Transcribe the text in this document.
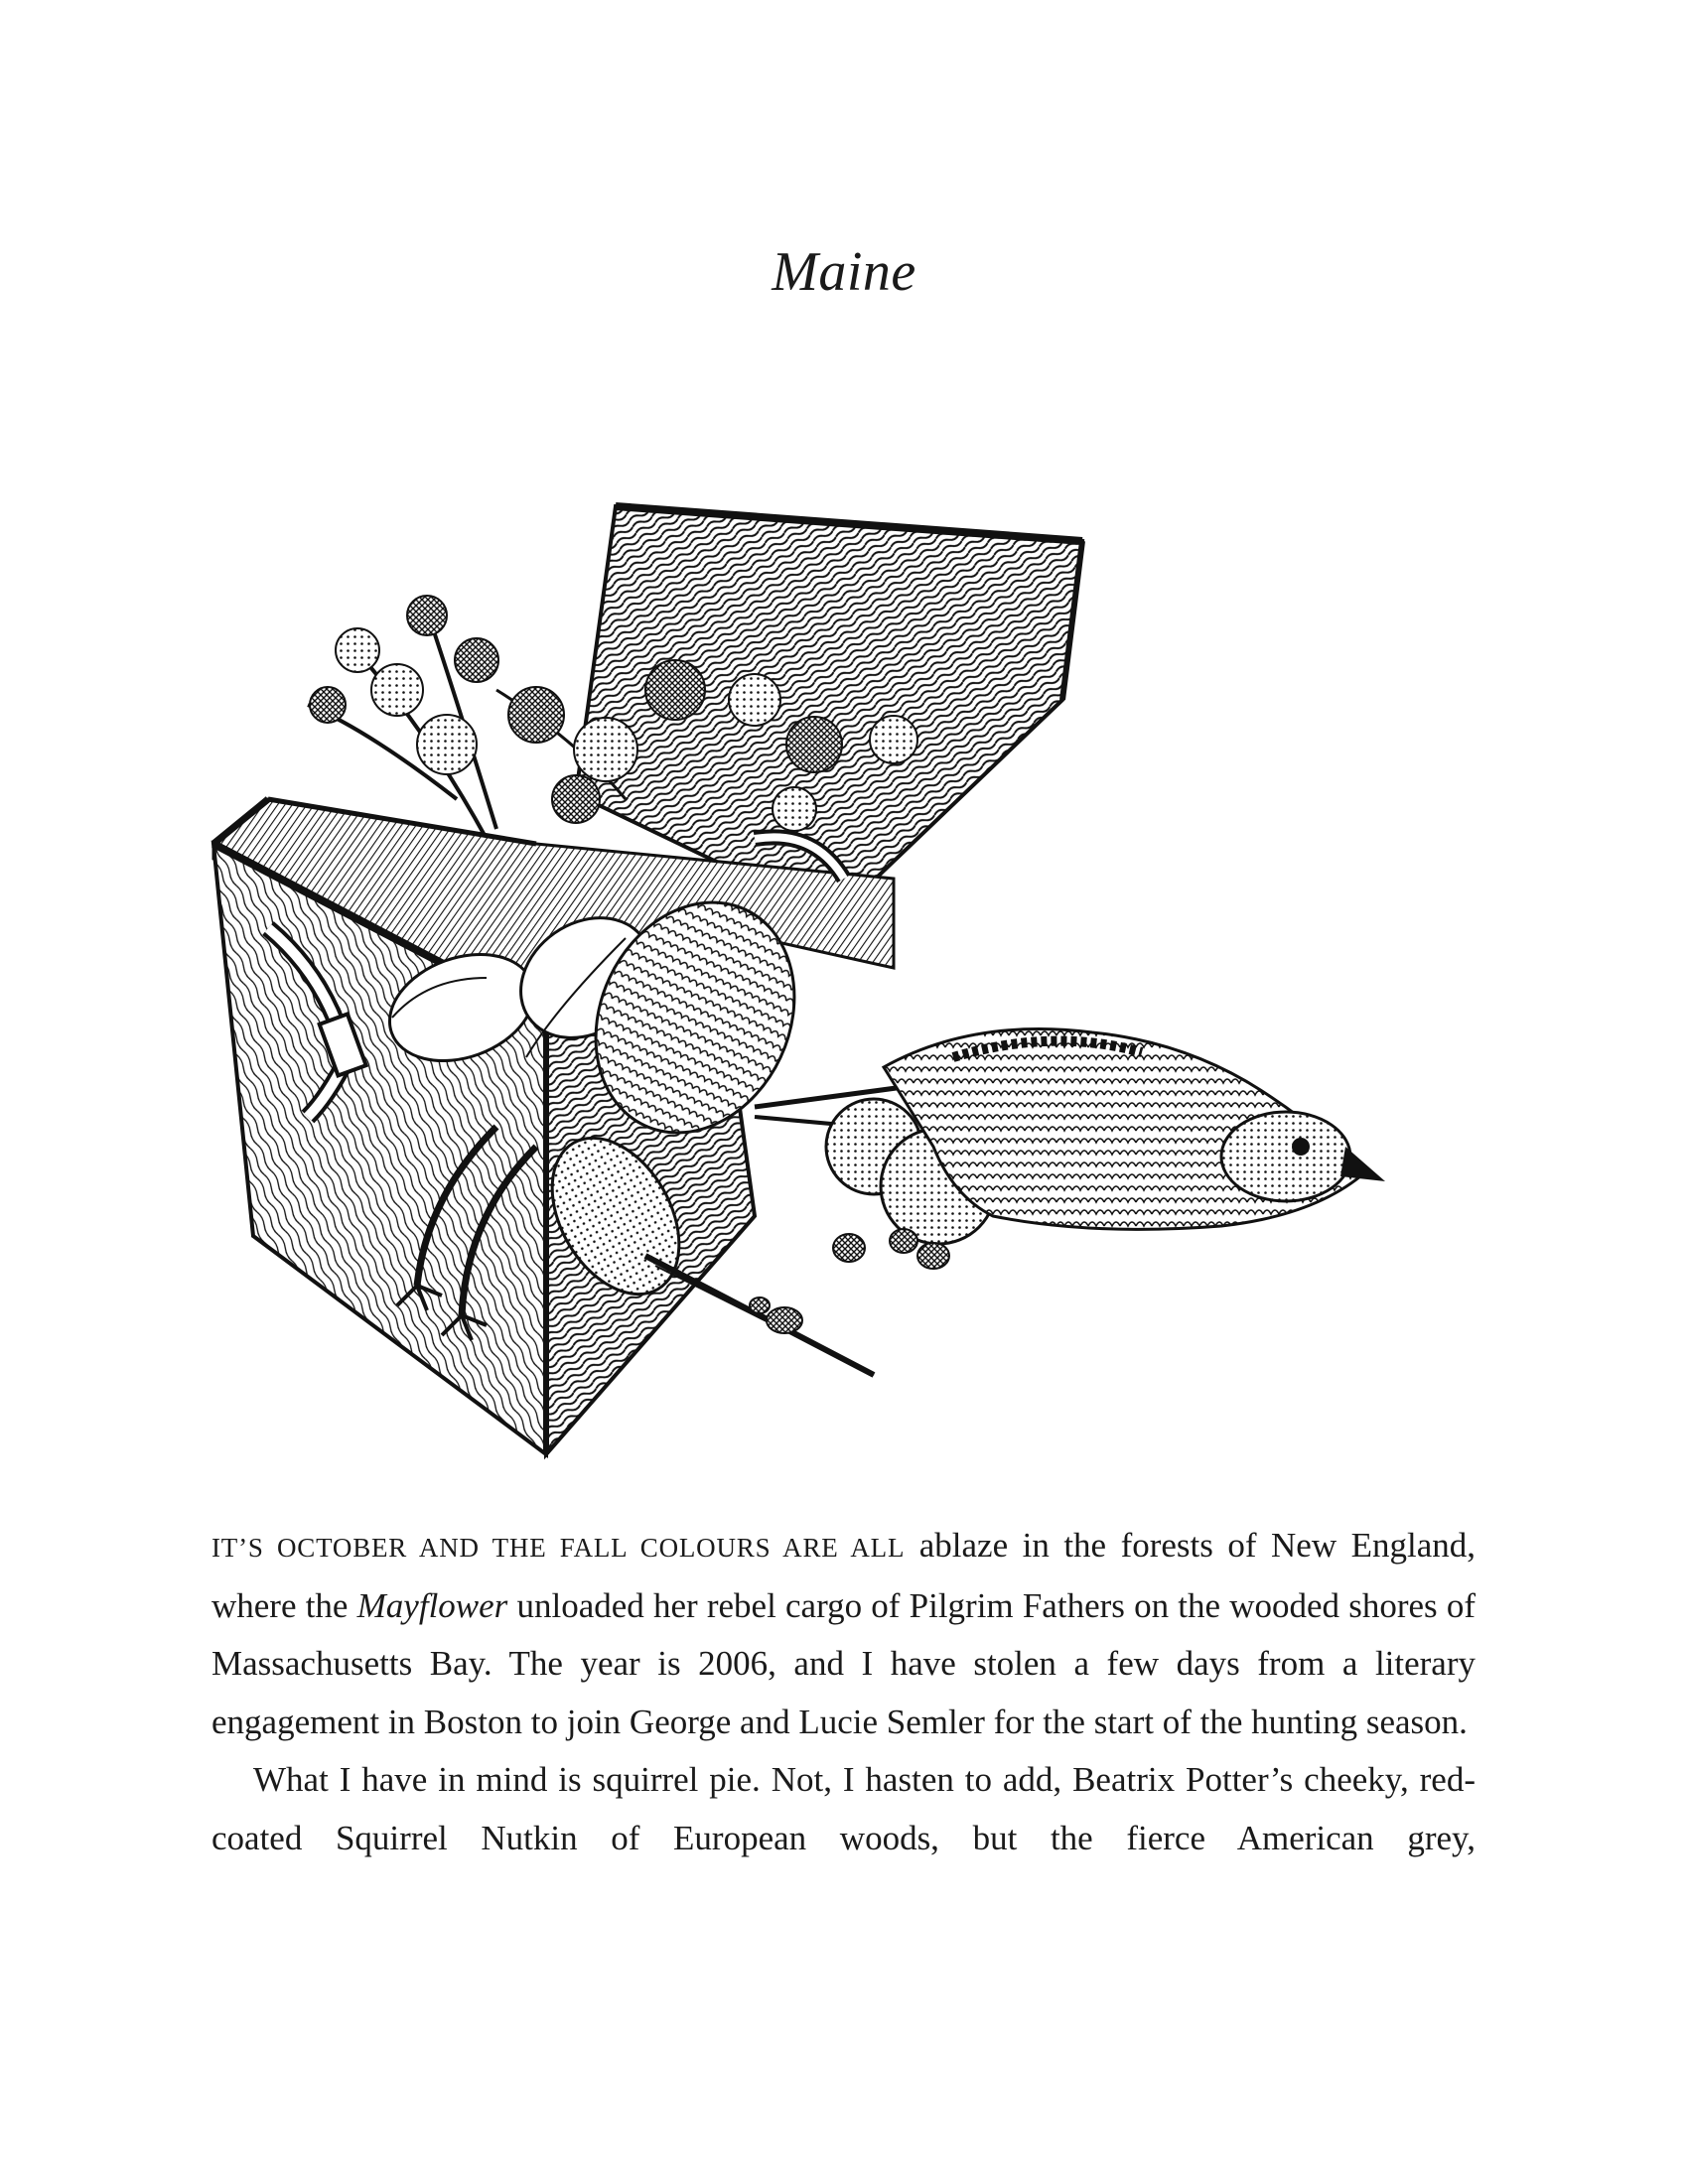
Maine

IT’S OCTOBER AND THE FALL COLOURS ARE ALL ablaze in the forests of New England, where the Mayflower unloaded her rebel cargo of Pilgrim Fathers on the wooded shores of Massachusetts Bay. The year is 2006, and I have stolen a few days from a literary engagement in Boston to join George and Lucie Semler for the start of the hunting season.

What I have in mind is squirrel pie. Not, I hasten to add, Beatrix Potter’s cheeky, red-coated Squirrel Nutkin of European woods, but the fierce American grey,
